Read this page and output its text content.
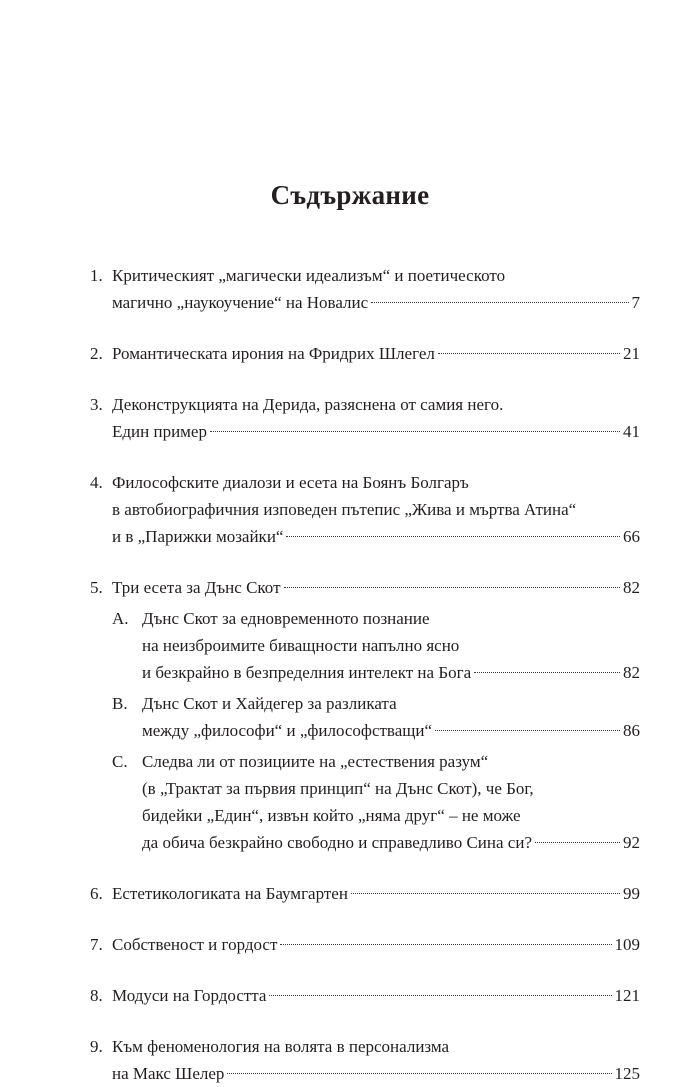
Съдържание
1. Критическият „магически идеализъм“ и поетическото
магично „наукоучение“ на Новалис	7
2. Романтическата ирония на Фридрих Шлегел	21
3. Деконструкцията на Дерида, разяснена от самия него.
Един пример	41
4. Философските диалози и есета на Боянъ Болгаръ
в автобиографичния изповеден пътепис „Жива и мъртва Атина“
и в „Парижки мозайки“	66
5. Три есета за Дънс Скот	82
A. Дънс Скот за едновременното познание
на неизброимите биващности напълно ясно
и безкрайно в безпределния интелект на Бога	82
B. Дънс Скот и Хайдегер за разликата
между „философи“ и „философстващи“	86
C. Следва ли от позициите на „естествения разум“
(в „Трактат за първия принцип“ на Дънс Скот), че Бог,
бидейки „Един“, извън който „няма друг“ – не може
да обича безкрайно свободно и справедливо Сина си?	92
6. Естетикологиката на Баумгартен	99
7. Собственост и гордост	109
8. Модуси на Гордостта	121
9. Към феноменология на волята в персонализма
на Макс Шелер	125
